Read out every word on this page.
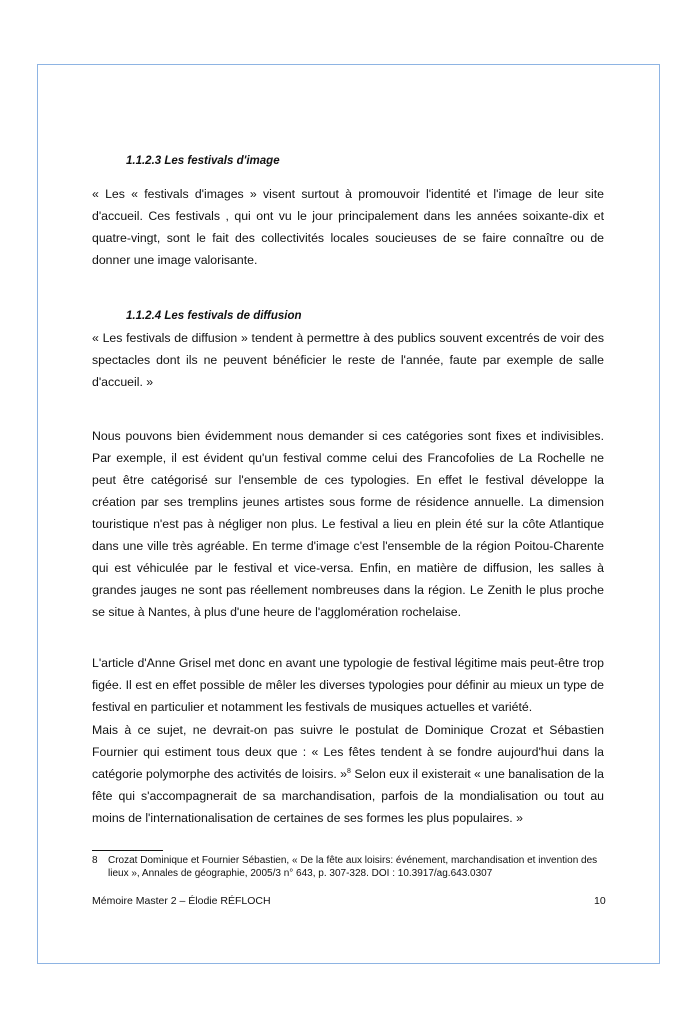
1.1.2.3 Les festivals d'image

« Les « festivals d'images » visent surtout à promouvoir l'identité et l'image de leur site d'accueil. Ces festivals , qui ont vu le jour principalement dans les années soixante-dix et quatre-vingt, sont le fait des collectivités locales soucieuses de se faire connaître ou de donner une image valorisante.

1.1.2.4 Les festivals de diffusion

« Les festivals de diffusion » tendent à permettre à des publics souvent excentrés de voir des spectacles dont ils ne peuvent bénéficier le reste de l'année, faute par exemple de salle d'accueil. »

Nous pouvons bien évidemment nous demander si ces catégories sont fixes et indivisibles. Par exemple, il est évident qu'un festival comme celui des Francofolies de La Rochelle ne peut être catégorisé sur l'ensemble de ces typologies. En effet le festival développe la création par ses tremplins jeunes artistes sous forme de résidence annuelle. La dimension touristique n'est pas à négliger non plus. Le festival a lieu en plein été sur la côte Atlantique dans une ville très agréable. En terme d'image c'est l'ensemble de la région Poitou-Charente qui est véhiculée par le festival et vice-versa. Enfin, en matière de diffusion, les salles à grandes jauges ne sont pas réellement nombreuses dans la région. Le Zenith le plus proche se situe à Nantes, à plus d'une heure de l'agglomération rochelaise.

L'article d'Anne Grisel met donc en avant une typologie de festival légitime mais peut-être trop figée. Il est en effet possible de mêler les diverses typologies pour définir au mieux un type de festival en particulier et notamment les festivals de musiques actuelles et variété.

Mais à ce sujet, ne devrait-on pas suivre le postulat de Dominique Crozat et Sébastien Fournier qui estiment tous deux que : « Les fêtes tendent à se fondre aujourd'hui dans la catégorie polymorphe des activités de loisirs. »$^8$ Selon eux il existerait « une banalisation de la fête qui s'accompagnerait de sa marchandisation, parfois de la mondialisation ou tout au moins de l'internationalisation de certaines de ses formes les plus populaires. »

8 Crozat Dominique et Fournier Sébastien, « De la fête aux loisirs: événement, marchandisation et invention des lieux », Annales de géographie, 2005/3 n° 643, p. 307-328. DOI : 10.3917/ag.643.0307
Mémoire Master 2 – Élodie RÉFLOCH	10
